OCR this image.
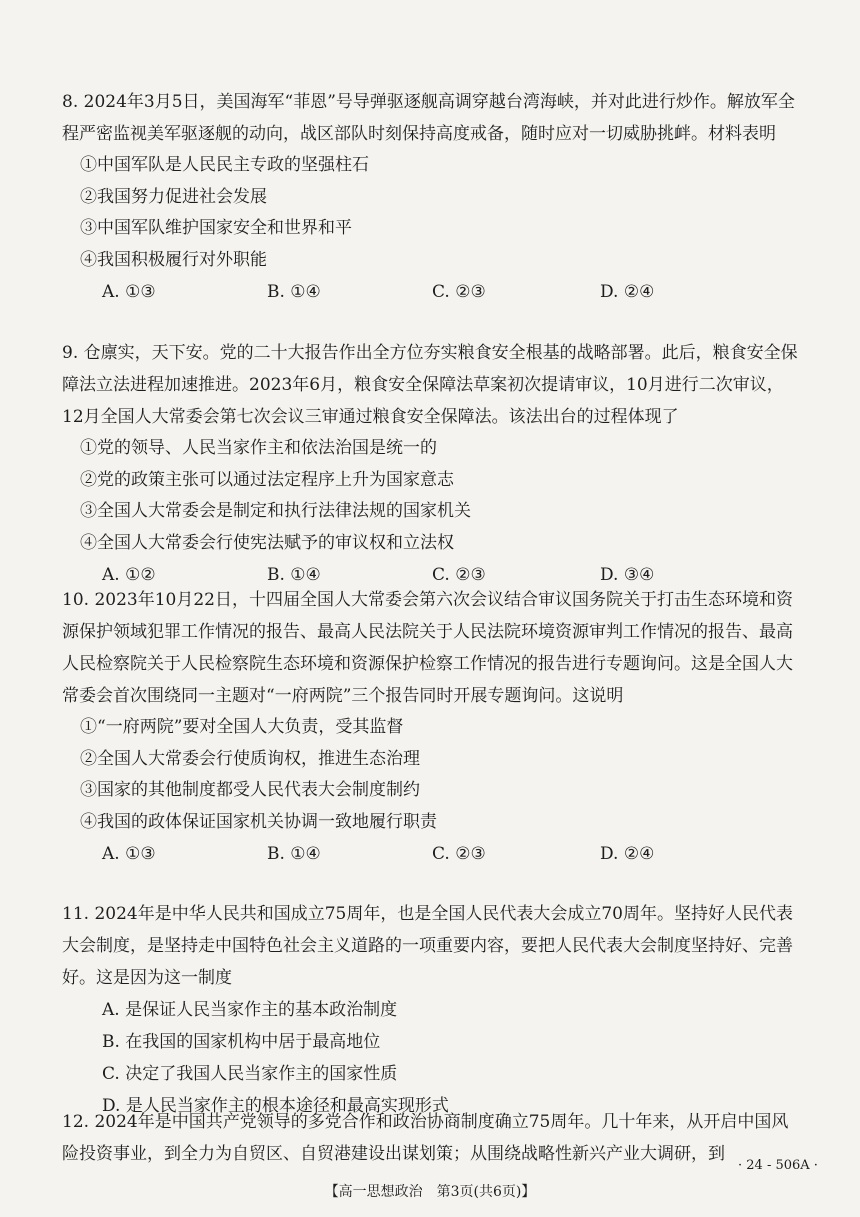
8. 2024年3月5日，美国海军“菲恩”号导弹驱逐舰高调穿越台湾海峡，并对此进行炒作。解放军全程严密监视美军驱逐舰的动向，战区部队时刻保持高度戒备，随时应对一切威胁挑衅。材料表明

①中国军队是人民民主专政的坚强柱石
②我国努力促进社会发展
③中国军队维护国家安全和世界和平
④我国积极履行对外职能
A. ①③	B. ①④	C. ②③	D. ②④

9. 仓廪实，天下安。党的二十大报告作出全方位夯实粮食安全根基的战略部署。此后，粮食安全保障法立法进程加速推进。2023年6月，粮食安全保障法草案初次提请审议，10月进行二次审议，12月全国人大常委会第七次会议三审通过粮食安全保障法。该法出台的过程体现了

①党的领导、人民当家作主和依法治国是统一的
②党的政策主张可以通过法定程序上升为国家意志
③全国人大常委会是制定和执行法律法规的国家机关
④全国人大常委会行使宪法赋予的审议权和立法权
A. ①②	B. ①④	C. ②③	D. ③④

10. 2023年10月22日，十四届全国人大常委会第六次会议结合审议国务院关于打击生态环境和资源保护领域犯罪工作情况的报告、最高人民法院关于人民法院环境资源审判工作情况的报告、最高人民检察院关于人民检察院生态环境和资源保护检察工作情况的报告进行专题询问。这是全国人大常委会首次围绕同一主题对“一府两院”三个报告同时开展专题询问。这说明

①“一府两院”要对全国人大负责，受其监督
②全国人大常委会行使质询权，推进生态治理
③国家的其他制度都受人民代表大会制度制约
④我国的政体保证国家机关协调一致地履行职责
A. ①③	B. ①④	C. ②③	D. ②④

11. 2024年是中华人民共和国成立75周年，也是全国人民代表大会成立70周年。坚持好人民代表大会制度，是坚持走中国特色社会主义道路的一项重要内容，要把人民代表大会制度坚持好、完善好。这是因为这一制度

A. 是保证人民当家作主的基本政治制度
B. 在我国的国家机构中居于最高地位
C. 决定了我国人民当家作主的国家性质
D. 是人民当家作主的根本途径和最高实现形式

12. 2024年是中国共产党领导的多党合作和政治协商制度确立75周年。几十年来，从开启中国风险投资事业，到全力为自贸区、自贸港建设出谋划策；从围绕战略性新兴产业大调研，到

· 24 - 506A ·
【高一思想政治　第3页(共6页)】
